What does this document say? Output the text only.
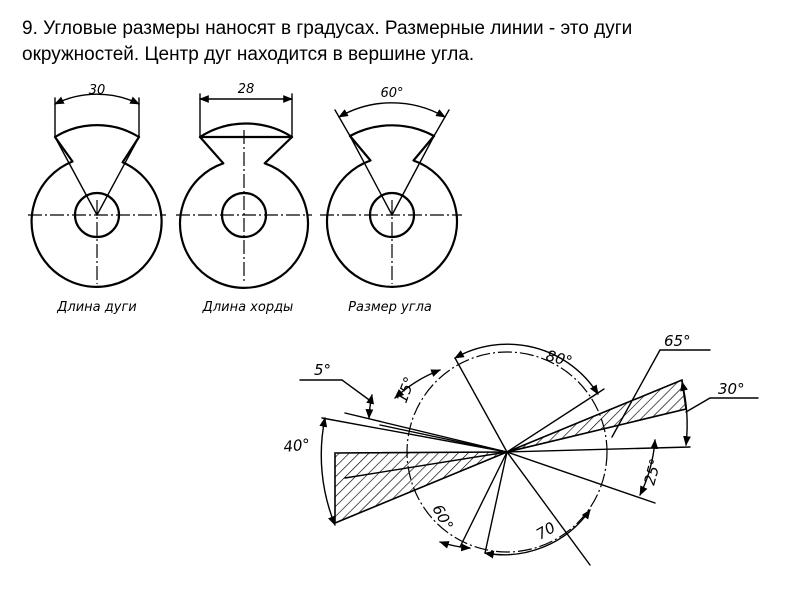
9. Угловые размеры наносят в градусах. Размерные линии - это дуги
окружностей. Центр дуг находится в вершине угла.
30
Длина дуги
28
Длина хорды
60°
Размер угла
5°
15°
80°
65°
30°
40°
25°
60°	70
